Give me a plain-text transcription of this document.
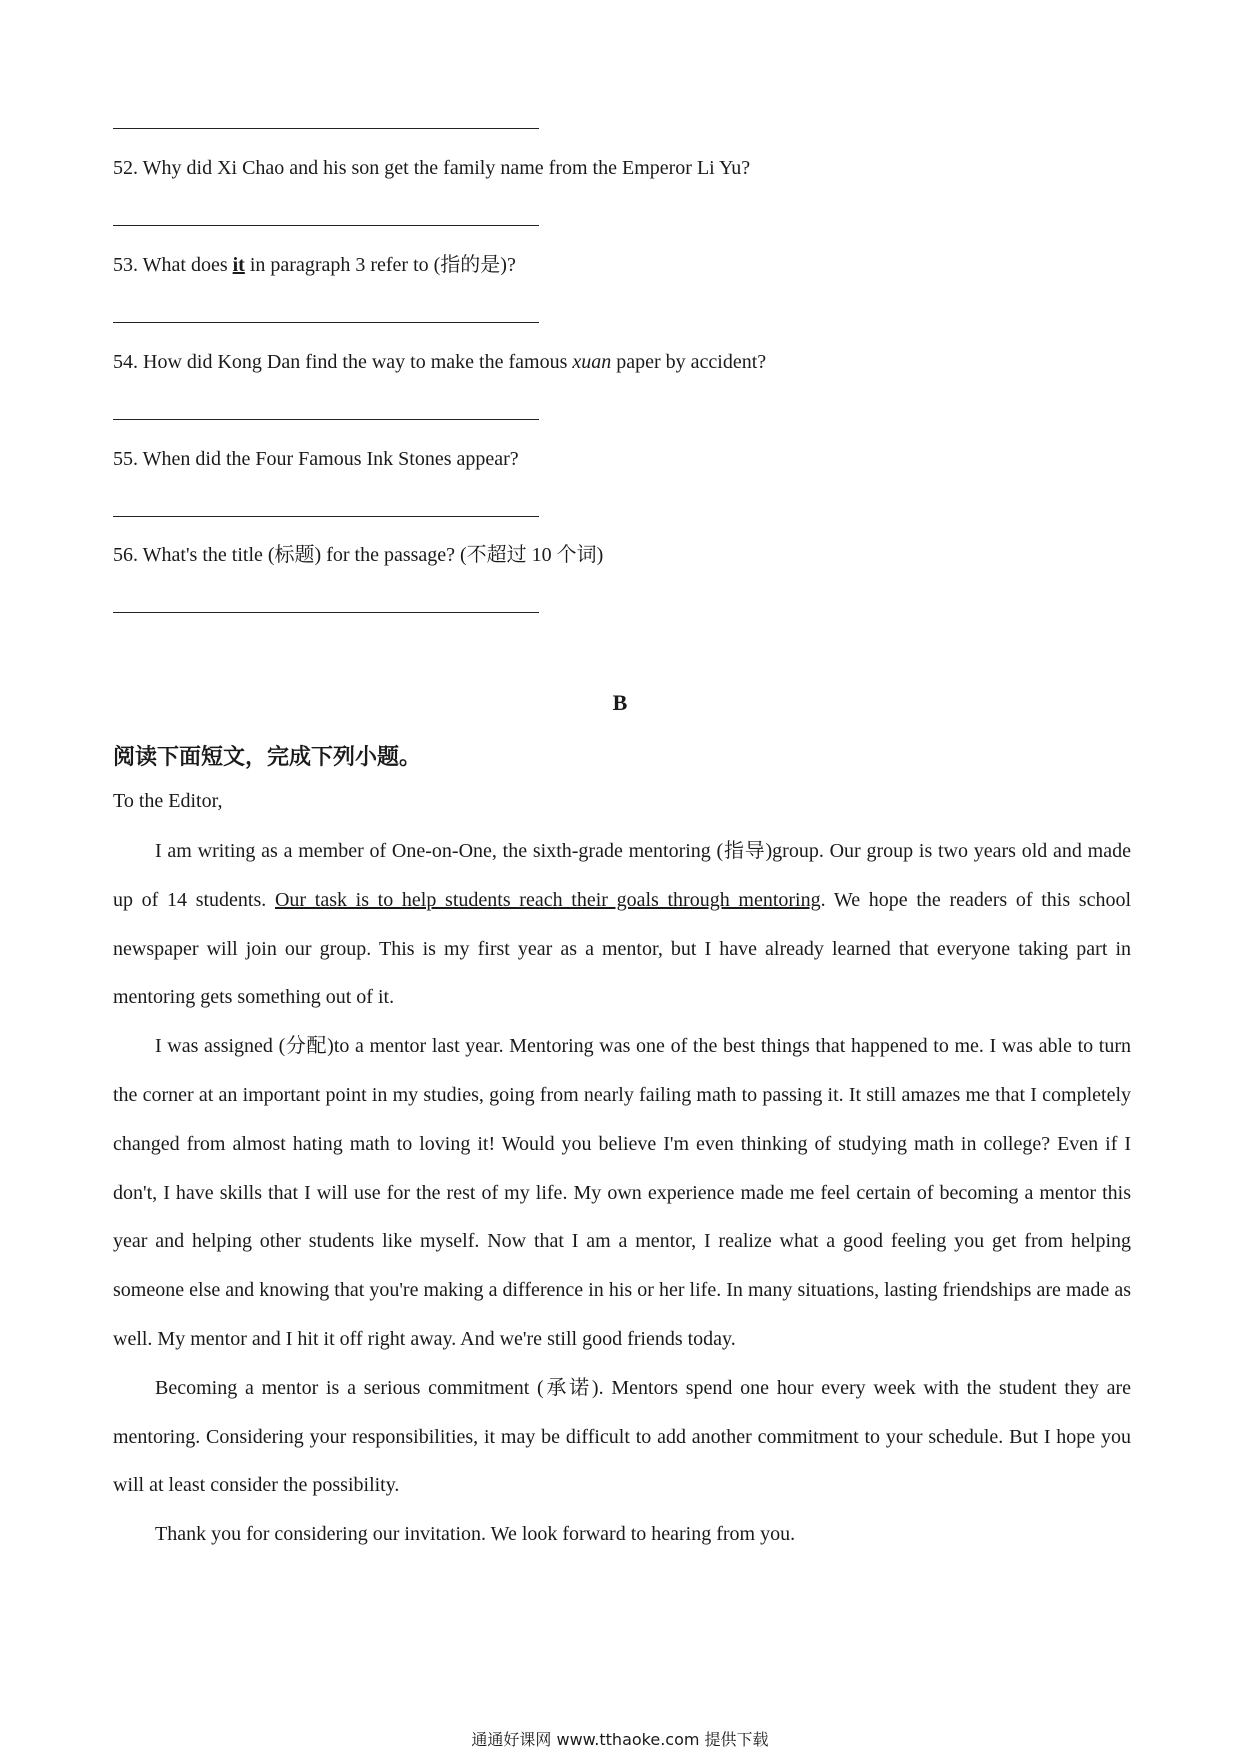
52. Why did Xi Chao and his son get the family name from the Emperor Li Yu?
53. What does it in paragraph 3 refer to (指的是)?
54. How did Kong Dan find the way to make the famous xuan paper by accident?
55. When did the Four Famous Ink Stones appear?
56. What's the title (标题) for the passage? (不超过 10 个词)
B
阅读下面短文，完成下列小题。
To the Editor,

I am writing as a member of One-on-One, the sixth-grade mentoring (指导)group. Our group is two years old and made up of 14 students. Our task is to help students reach their goals through mentoring. We hope the readers of this school newspaper will join our group. This is my first year as a mentor, but I have already learned that everyone taking part in mentoring gets something out of it.

I was assigned (分配)to a mentor last year. Mentoring was one of the best things that happened to me. I was able to turn the corner at an important point in my studies, going from nearly failing math to passing it. It still amazes me that I completely changed from almost hating math to loving it! Would you believe I'm even thinking of studying math in college? Even if I don't, I have skills that I will use for the rest of my life. My own experience made me feel certain of becoming a mentor this year and helping other students like myself. Now that I am a mentor, I realize what a good feeling you get from helping someone else and knowing that you're making a difference in his or her life. In many situations, lasting friendships are made as well. My mentor and I hit it off right away. And we're still good friends today.

Becoming a mentor is a serious commitment (承诺). Mentors spend one hour every week with the student they are mentoring. Considering your responsibilities, it may be difficult to add another commitment to your schedule. But I hope you will at least consider the possibility.

Thank you for considering our invitation. We look forward to hearing from you.

通通好课网 www.tthaoke.com 提供下载
